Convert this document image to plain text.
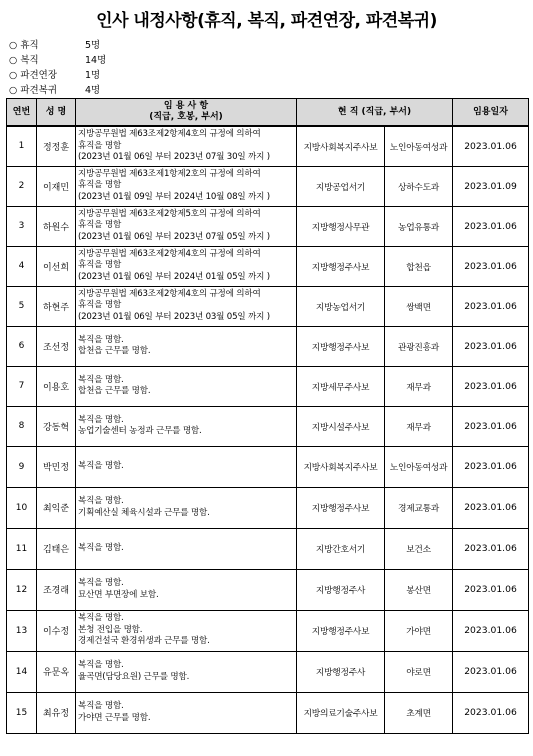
인사 내정사항(휴직, 복직, 파견연장, 파견복귀)
○ 휴직	5명
○ 복직	14명
○ 파견연장	1명
○ 파견복귀	4명
연번	성 명	임 용 사 항
(직급, 호봉, 부서)	현 직 (직급, 부서)		임용일자
1	정정훈	지방공무원법 제63조제2항제4호의 규정에 의하여
휴직을 명함
(2023년 01월 06일 부터 2023년 07월 30일 까지 )	지방사회복지주사보	노인아동여성과	2023.01.06
2	이재민	지방공무원법 제63조제1항제2호의 규정에 의하여
휴직을 명함
(2023년 01월 09일 부터 2024년 10월 08일 까지 )	지방공업서기	상하수도과	2023.01.09
3	하원수	지방공무원법 제63조제2항제5호의 규정에 의하여
휴직을 명함
(2023년 01월 06일 부터 2023년 07월 05일 까지 )	지방행정사무관	농업유통과	2023.01.06
4	이선희	지방공무원법 제63조제2항제4호의 규정에 의하여
휴직을 명함
(2023년 01월 06일 부터 2024년 01월 05일 까지 )	지방행정주사보	합천읍	2023.01.06
5	하현주	지방공무원법 제63조제2항제4호의 규정에 의하여
휴직을 명함
(2023년 01월 06일 부터 2023년 03월 05일 까지 )	지방농업서기	쌍백면	2023.01.06
6	조선정	복직을 명함.
합천읍 근무를 명함.	지방행정주사보	관광진흥과	2023.01.06
7	이용호	복직을 명함.
합천읍 근무를 명함.	지방세무주사보	재무과	2023.01.06
8	강동혁	복직을 명함.
농업기술센터 농정과 근무를 명함.	지방시설주사보	재무과	2023.01.06
9	박민정	복직을 명함.	지방사회복지주사보	노인아동여성과	2023.01.06
10	최익준	복직을 명함.
기획예산실 체육시설과 근무를 명함.	지방행정주사보	경제교통과	2023.01.06
11	김태은	복직을 명함.	지방간호서기	보건소	2023.01.06
12	조경래	복직을 명함.
묘산면 부면장에 보함.	지방행정주사	봉산면	2023.01.06
13	이수정	복직을 명함.
본청 전입을 명함.
경제건설국 환경위생과 근무를 명함.	지방행정주사보	가야면	2023.01.06
14	유문옥	복직을 명함.
율곡면(담당요원) 근무를 명함.	지방행정주사	야로면	2023.01.06
15	최유정	복직을 명함.
가야면 근무를 명함.	지방의료기술주사보	초계면	2023.01.06
